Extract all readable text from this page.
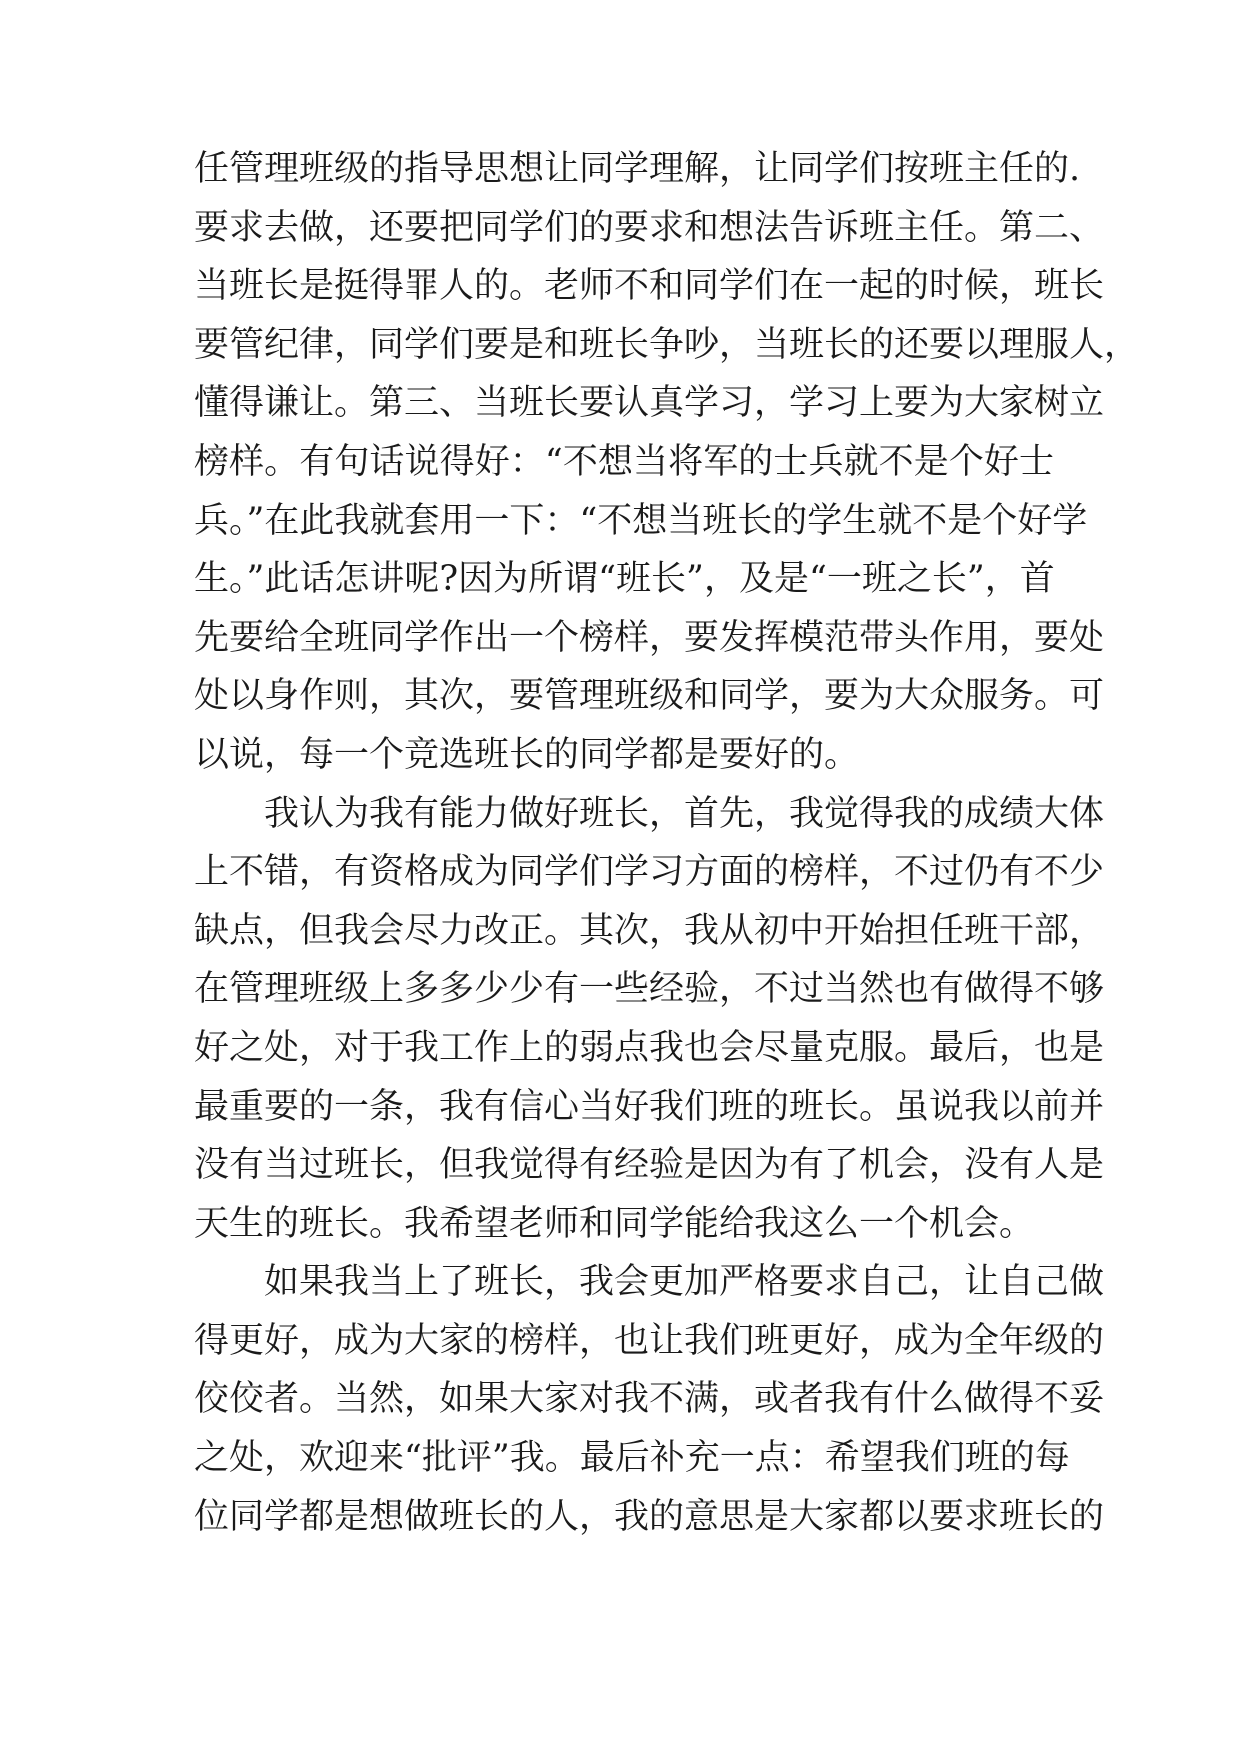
任管理班级的指导思想让同学理解，让同学们按班主任的.
要求去做，还要把同学们的要求和想法告诉班主任。第二、
当班长是挺得罪人的。老师不和同学们在一起的时候，班长
要管纪律，同学们要是和班长争吵，当班长的还要以理服人，
懂得谦让。第三、当班长要认真学习，学习上要为大家树立
榜样。有句话说得好：“不想当将军的士兵就不是个好士
兵。”在此我就套用一下：“不想当班长的学生就不是个好学
生。”此话怎讲呢?因为所谓“班长”，及是“一班之长”，首
先要给全班同学作出一个榜样，要发挥模范带头作用，要处
处以身作则，其次，要管理班级和同学，要为大众服务。可
以说，每一个竞选班长的同学都是要好的。
我认为我有能力做好班长，首先，我觉得我的成绩大体
上不错，有资格成为同学们学习方面的榜样，不过仍有不少
缺点，但我会尽力改正。其次，我从初中开始担任班干部，
在管理班级上多多少少有一些经验，不过当然也有做得不够
好之处，对于我工作上的弱点我也会尽量克服。最后，也是
最重要的一条，我有信心当好我们班的班长。虽说我以前并
没有当过班长，但我觉得有经验是因为有了机会，没有人是
天生的班长。我希望老师和同学能给我这么一个机会。
如果我当上了班长，我会更加严格要求自己，让自己做
得更好，成为大家的榜样，也让我们班更好，成为全年级的
佼佼者。当然，如果大家对我不满，或者我有什么做得不妥
之处，欢迎来“批评”我。最后补充一点：希望我们班的每
位同学都是想做班长的人，我的意思是大家都以要求班长的
